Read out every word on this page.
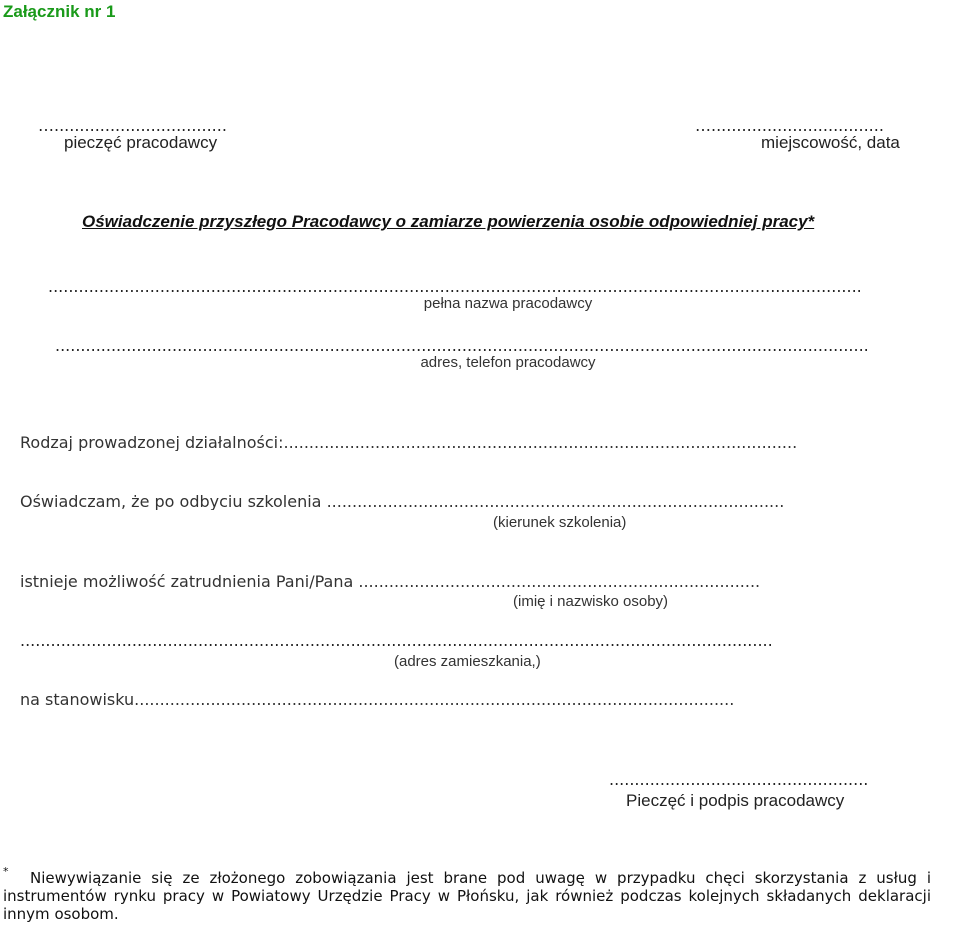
Załącznik nr 1
…..................................
pieczęć pracodawcy
…..................................
miejscowość, data
Oświadczenie przyszłego Pracodawcy o zamiarze powierzenia osobie odpowiedniej pracy*
................................................................................................................................................................
pełna nazwa pracodawcy
................................................................................................................................................................
adres, telefon pracodawcy
Rodzaj prowadzonej działalności:.....................................................................................................
Oświadczam, że po odbyciu szkolenia ..........................................................................................
(kierunek szkolenia)
istnieje możliwość zatrudnienia Pani/Pana ...............................................................................
(imię i nazwisko osoby)
....................................................................................................................................................
(adres zamieszkania,)
na stanowisku......................................................................................................................
...................................................
Pieczęć i podpis pracodawcy
*	Niewywiązanie się ze złożonego zobowiązania jest brane pod uwagę w przypadku chęci skorzystania z usług i instrumentów rynku pracy w Powiatowy Urzędzie Pracy w Płońsku, jak również podczas kolejnych składanych deklaracji innym osobom.
